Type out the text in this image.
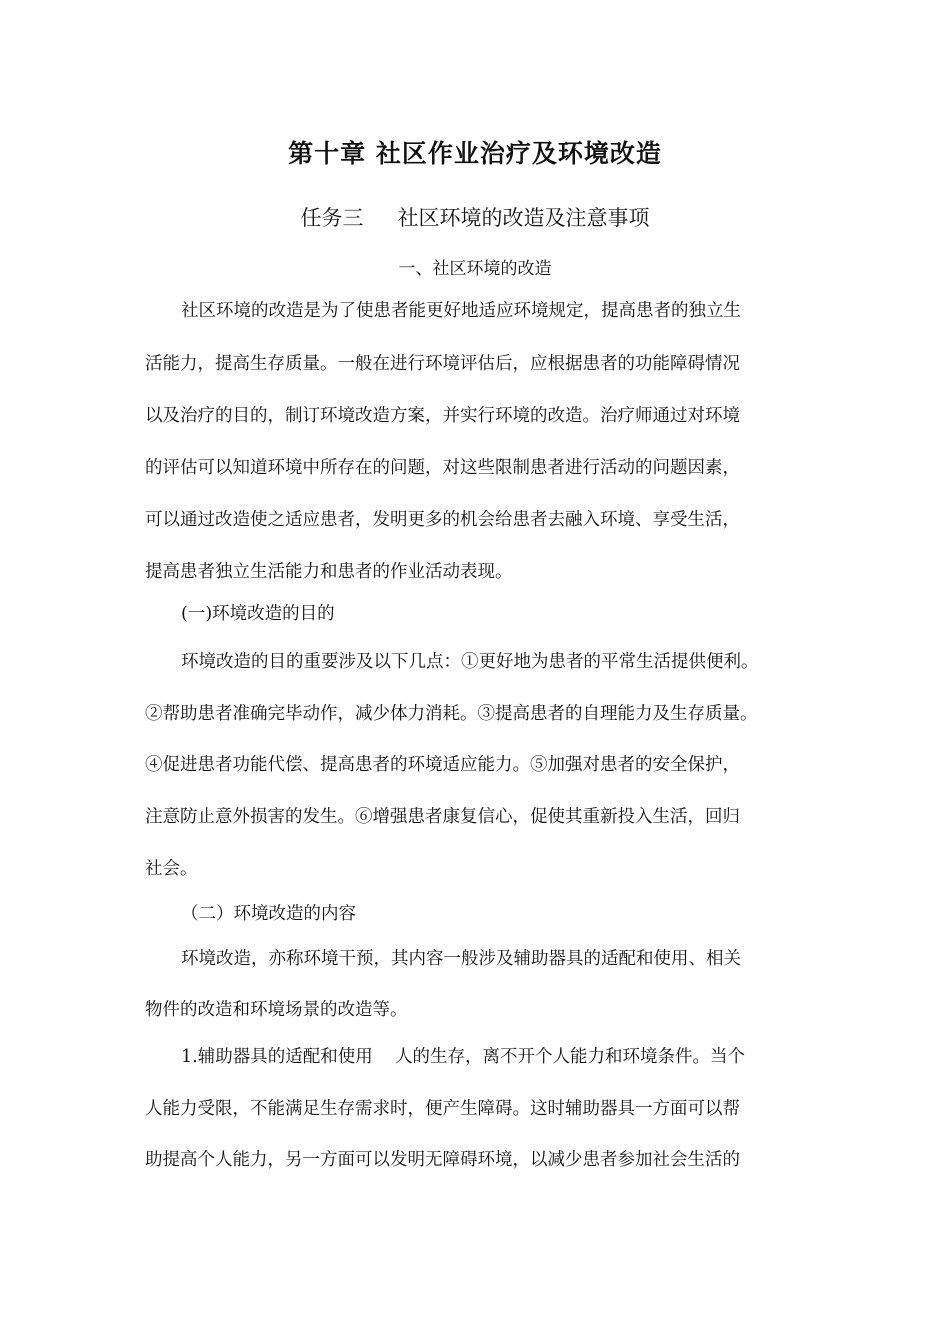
第十章 社区作业治疗及环境改造
任务三 社区环境的改造及注意事项
一、社区环境的改造
社区环境的改造是为了使患者能更好地适应环境规定，提高患者的独立生
活能力，提高生存质量。一般在进行环境评估后，应根据患者的功能障碍情况
以及治疗的目的，制订环境改造方案，并实行环境的改造。治疗师通过对环境
的评估可以知道环境中所存在的问题，对这些限制患者进行活动的问题因素，
可以通过改造使之适应患者，发明更多的机会给患者去融入环境、享受生活，
提高患者独立生活能力和患者的作业活动表现。
(一)环境改造的目的
环境改造的目的重要涉及以下几点：①更好地为患者的平常生活提供便利。
②帮助患者准确完毕动作，减少体力消耗。③提高患者的自理能力及生存质量。
④促进患者功能代偿、提高患者的环境适应能力。⑤加强对患者的安全保护，
注意防止意外损害的发生。⑥增强患者康复信心，促使其重新投入生活，回归
社会。
（二）环境改造的内容
环境改造，亦称环境干预，其内容一般涉及辅助器具的适配和使用、相关
物件的改造和环境场景的改造等。
1.辅助器具的适配和使用    人的生存，离不开个人能力和环境条件。当个
人能力受限，不能满足生存需求时，便产生障碍。这时辅助器具一方面可以帮
助提高个人能力，另一方面可以发明无障碍环境，以减少患者参加社会生活的
